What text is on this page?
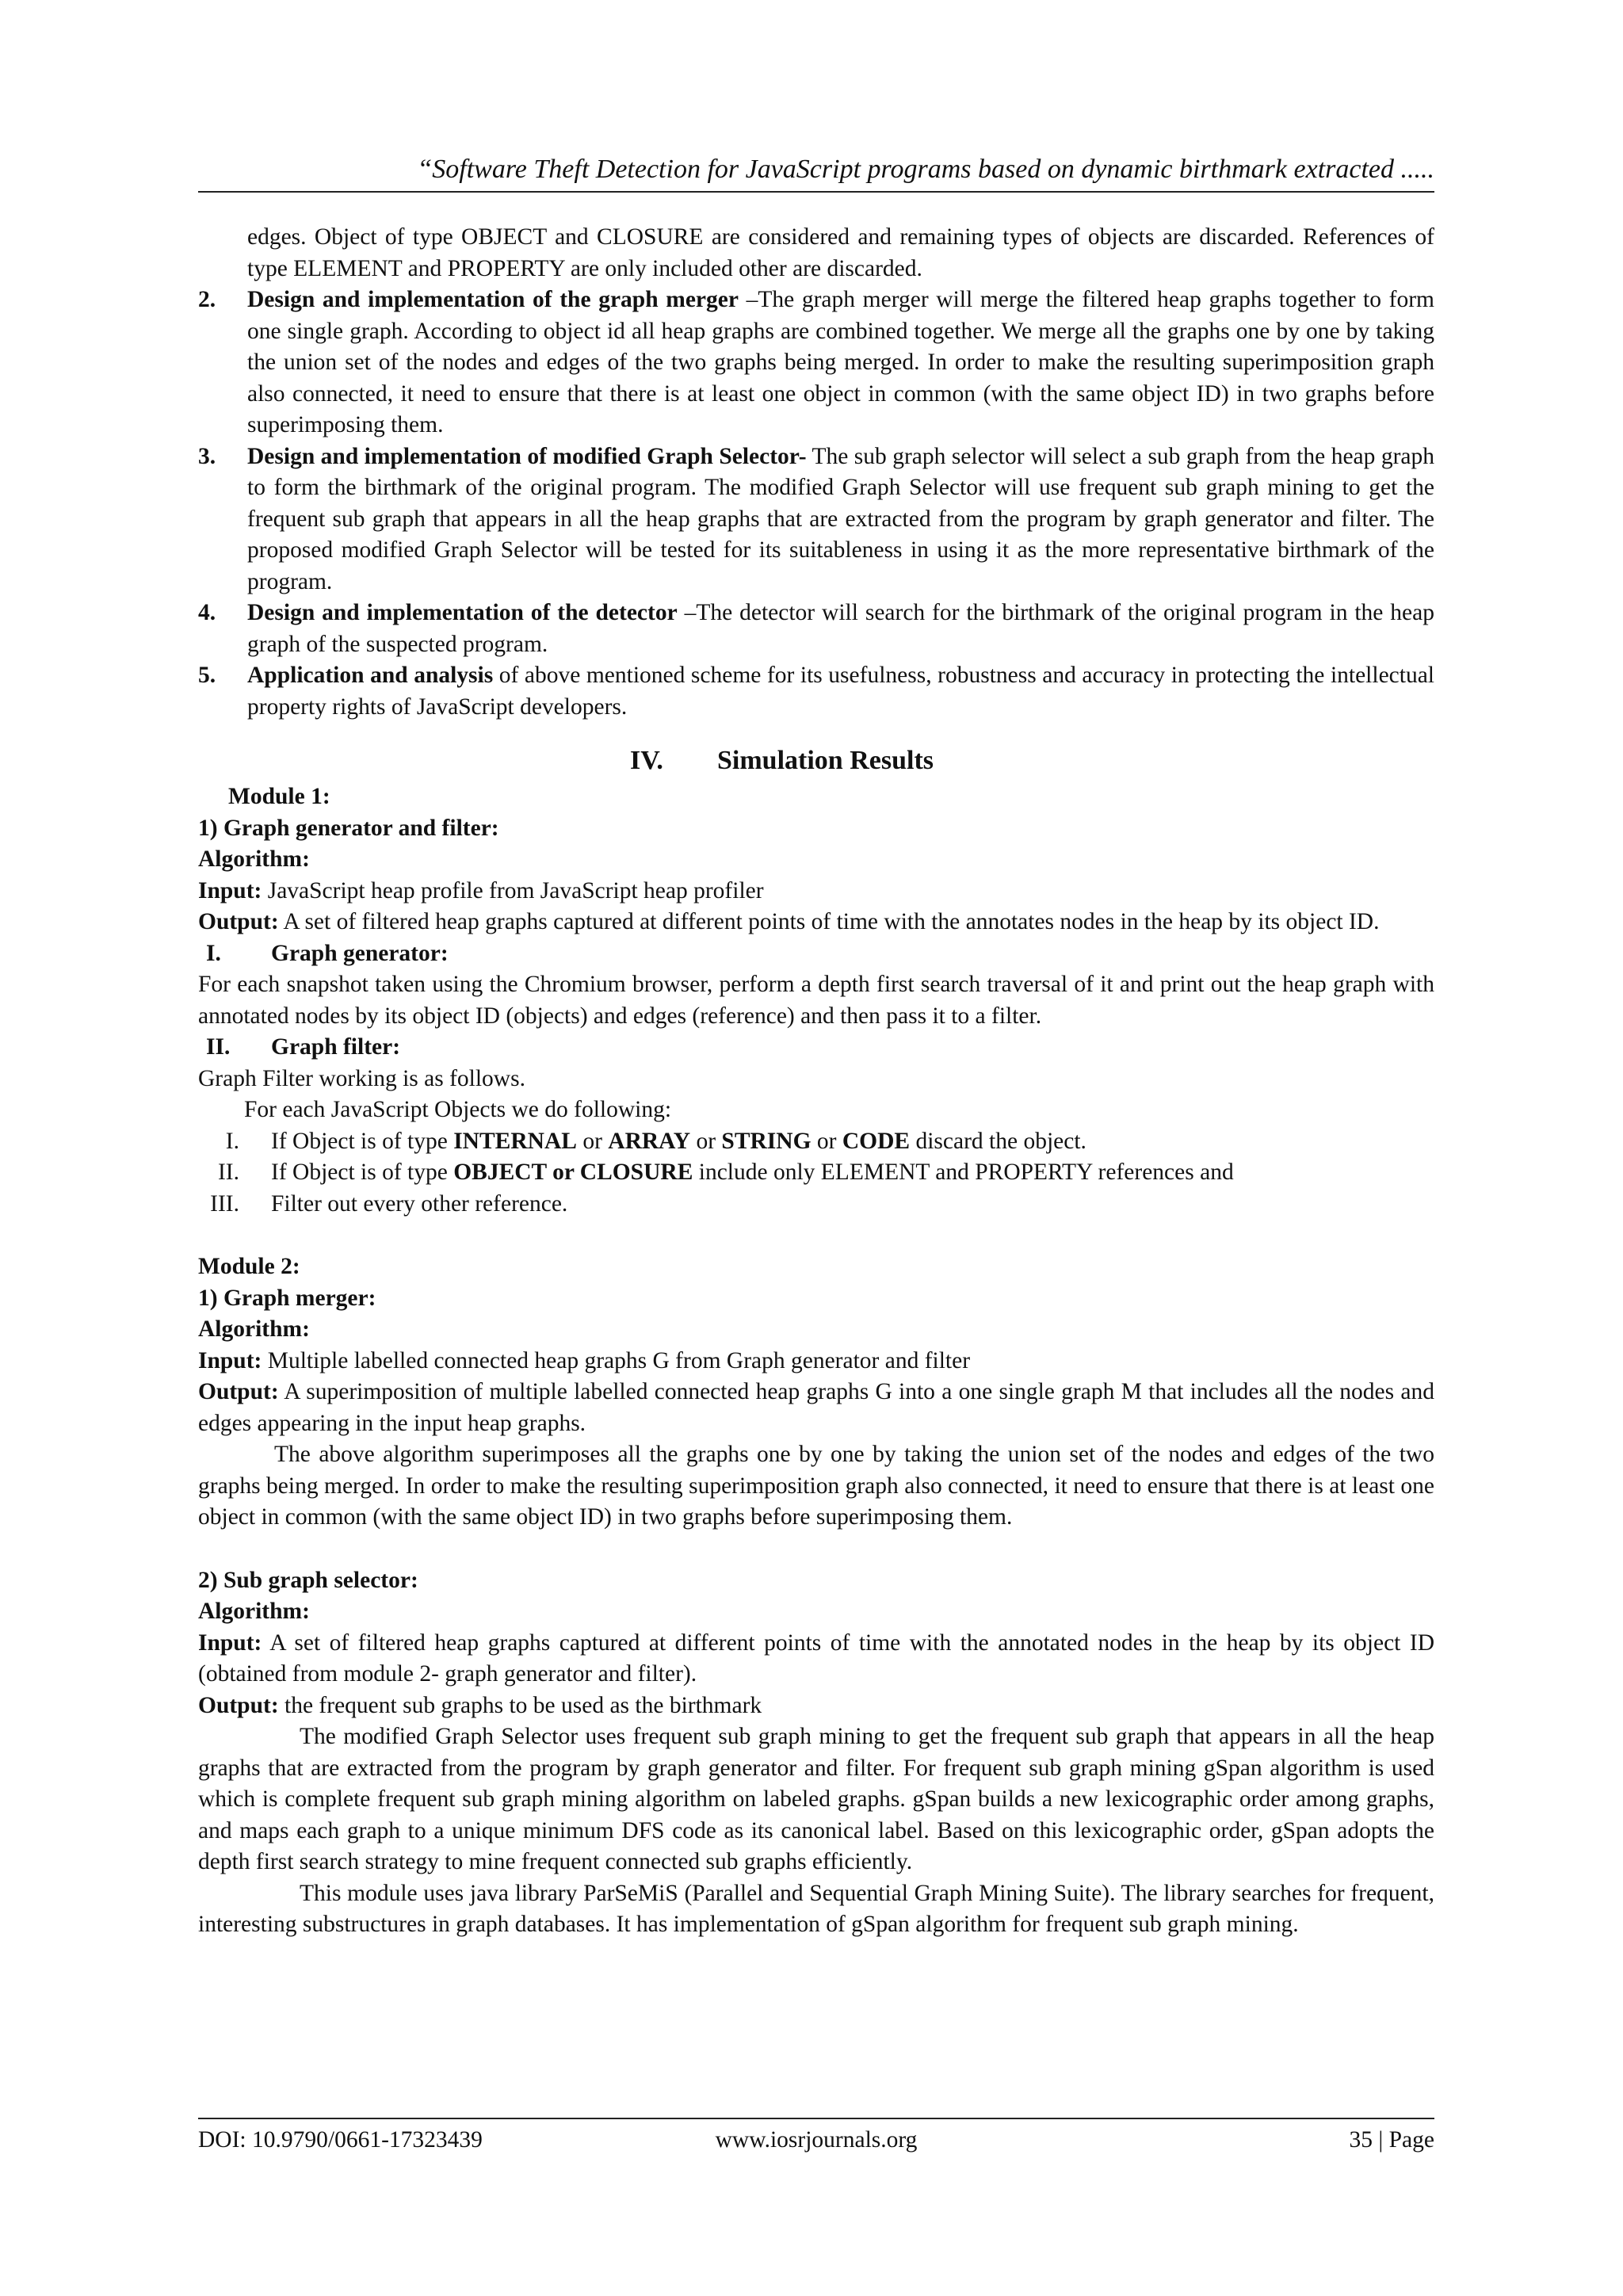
“Software Theft Detection for JavaScript programs based on dynamic birthmark extracted .....
edges. Object of type OBJECT and CLOSURE are considered and remaining types of objects are discarded. References of type ELEMENT and PROPERTY are only included other are discarded.
2.	Design and implementation of the graph merger –The graph merger will merge the filtered heap graphs together to form one single graph. According to object id all heap graphs are combined together. We merge all the graphs one by one by taking the union set of the nodes and edges of the two graphs being merged. In order to make the resulting superimposition graph also connected, it need to ensure that there is at least one object in common (with the same object ID) in two graphs before superimposing them.
3.	Design and implementation of modified Graph Selector- The sub graph selector will select a sub graph from the heap graph to form the birthmark of the original program. The modified Graph Selector will use frequent sub graph mining to get the frequent sub graph that appears in all the heap graphs that are extracted from the program by graph generator and filter. The proposed modified Graph Selector will be tested for its suitableness in using it as the more representative birthmark of the program.
4.	Design and implementation of the detector –The detector will search for the birthmark of the original program in the heap graph of the suspected program.
5.	Application and analysis of above mentioned scheme for its usefulness, robustness and accuracy in protecting the intellectual property rights of JavaScript developers.
IV. Simulation Results
Module 1:
1) Graph generator and filter:
Algorithm:
Input: JavaScript heap profile from JavaScript heap profiler
Output: A set of filtered heap graphs captured at different points of time with the annotates nodes in the heap by its object ID.
I.	Graph generator:
For each snapshot taken using the Chromium browser, perform a depth first search traversal of it and print out the heap graph with annotated nodes by its object ID (objects) and edges (reference) and then pass it to a filter.
II.	Graph filter:
Graph Filter working is as follows.
For each JavaScript Objects we do following:
I.	If Object is of type INTERNAL or ARRAY or STRING or CODE discard the object.
II.	If Object is of type OBJECT or CLOSURE include only ELEMENT and PROPERTY references and
III.	Filter out every other reference.
Module 2:
1) Graph merger:
Algorithm:
Input: Multiple labelled connected heap graphs G from Graph generator and filter
Output: A superimposition of multiple labelled connected heap graphs G into a one single graph M that includes all the nodes and edges appearing in the input heap graphs.
The above algorithm superimposes all the graphs one by one by taking the union set of the nodes and edges of the two graphs being merged. In order to make the resulting superimposition graph also connected, it need to ensure that there is at least one object in common (with the same object ID) in two graphs before superimposing them.
2) Sub graph selector:
Algorithm:
Input: A set of filtered heap graphs captured at different points of time with the annotated nodes in the heap by its object ID (obtained from module 2- graph generator and filter).
Output: the frequent sub graphs to be used as the birthmark
The modified Graph Selector uses frequent sub graph mining to get the frequent sub graph that appears in all the heap graphs that are extracted from the program by graph generator and filter. For frequent sub graph mining gSpan algorithm is used which is complete frequent sub graph mining algorithm on labeled graphs. gSpan builds a new lexicographic order among graphs, and maps each graph to a unique minimum DFS code as its canonical label. Based on this lexicographic order, gSpan adopts the depth first search strategy to mine frequent connected sub graphs efficiently.
This module uses java library ParSeMiS (Parallel and Sequential Graph Mining Suite). The library searches for frequent, interesting substructures in graph databases. It has implementation of gSpan algorithm for frequent sub graph mining.
DOI: 10.9790/0661-17323439	www.iosrjournals.org	35 | Page
